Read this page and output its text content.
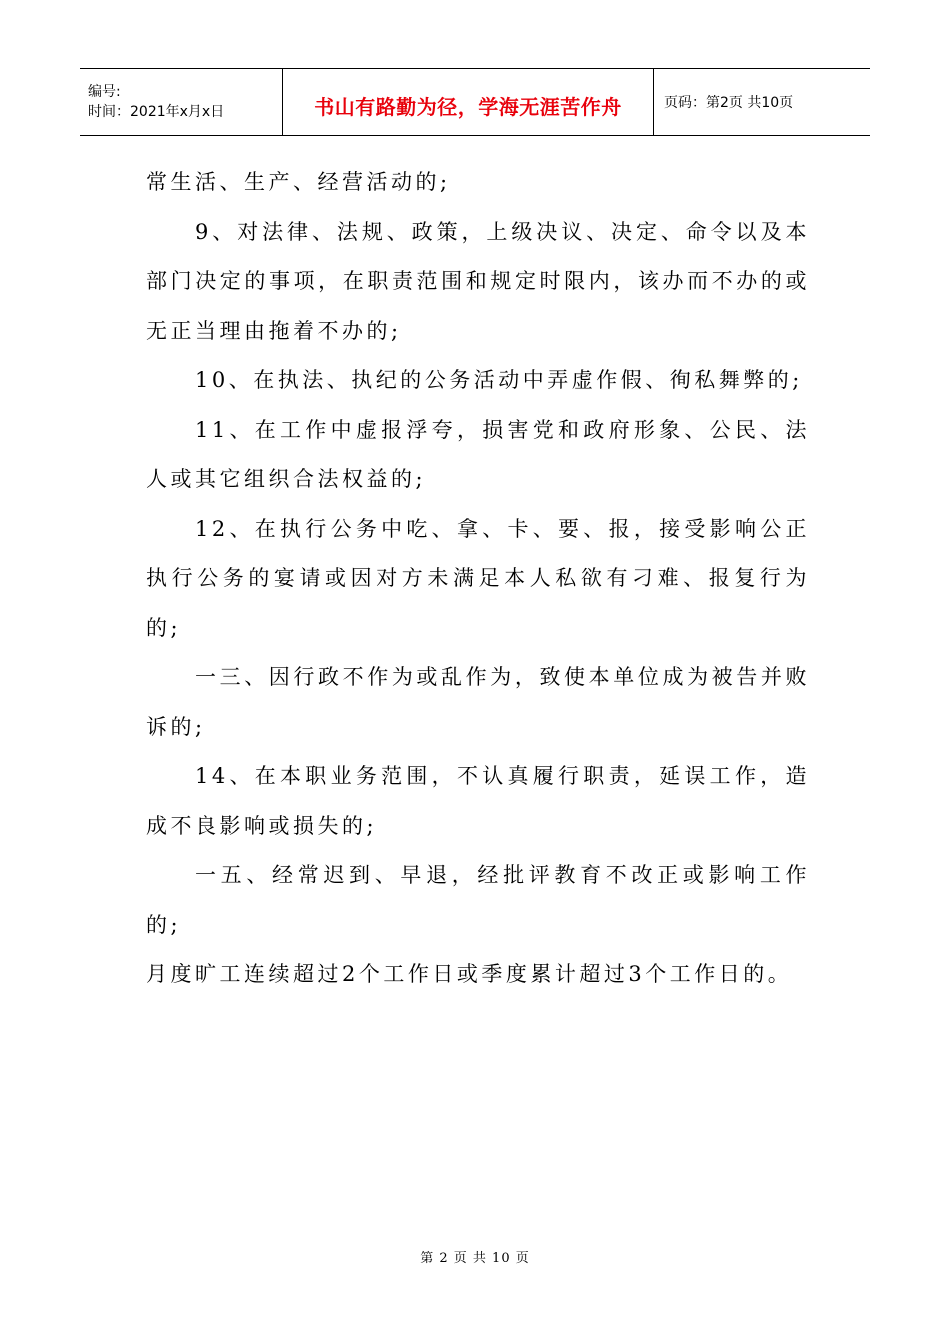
编号:
时间：2021年x月x日	书山有路勤为径，学海无涯苦作舟	页码：第2页 共10页

常生活、生产、经营活动的;

9、对法律、法规、政策，上级决议、决定、命令以及本部门决定的事项，在职责范围和规定时限内，该办而不办的或无正当理由拖着不办的;

10、在执法、执纪的公务活动中弄虚作假、徇私舞弊的;

11、在工作中虚报浮夸，损害党和政府形象、公民、法人或其它组织合法权益的;

12、在执行公务中吃、拿、卡、要、报，接受影响公正执行公务的宴请或因对方未满足本人私欲有刁难、报复行为的;

一三、因行政不作为或乱作为，致使本单位成为被告并败诉的;

14、在本职业务范围，不认真履行职责，延误工作，造成不良影响或损失的;

一五、经常迟到、早退，经批评教育不改正或影响工作的;

月度旷工连续超过2个工作日或季度累计超过3个工作日的。

第 2 页 共 10 页
